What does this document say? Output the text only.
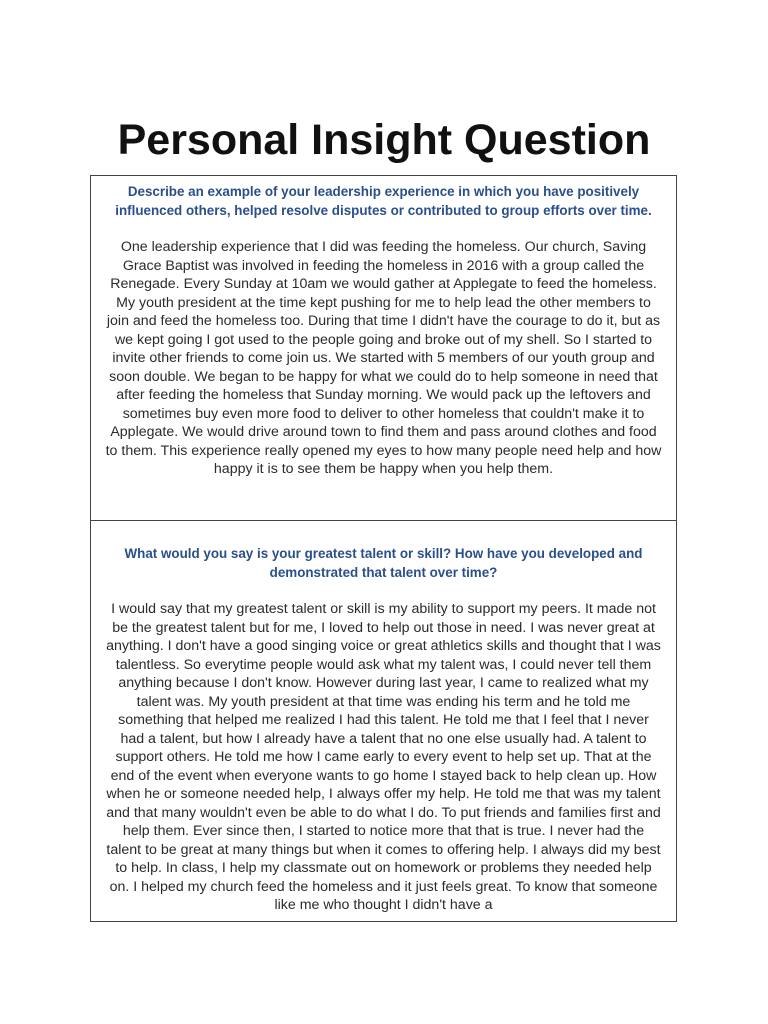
Personal Insight Question

Describe an example of your leadership experience in which you have positively influenced others, helped resolve disputes or contributed to group efforts over time.

One leadership experience that I did was feeding the homeless. Our church, Saving Grace Baptist was involved in feeding the homeless in 2016 with a group called the Renegade. Every Sunday at 10am we would gather at Applegate to feed the homeless. My youth president at the time kept pushing for me to help lead the other members to join and feed the homeless too. During that time I didn't have the courage to do it, but as we kept going I got used to the people going and broke out of my shell. So I started to invite other friends to come join us. We started with 5 members of our youth group and soon double. We began to be happy for what we could do to help someone in need that after feeding the homeless that Sunday morning. We would pack up the leftovers and sometimes buy even more food to deliver to other homeless that couldn't make it to Applegate. We would drive around town to find them and pass around clothes and food to them. This experience really opened my eyes to how many people need help and how happy it is to see them be happy when you help them.

What would you say is your greatest talent or skill? How have you developed and demonstrated that talent over time?

I would say that my greatest talent or skill is my ability to support my peers. It made not be the greatest talent but for me, I loved to help out those in need. I was never great at anything. I don't have a good singing voice or great athletics skills and thought that I was talentless. So everytime people would ask what my talent was, I could never tell them anything because I don't know. However during last year, I came to realized what my talent was. My youth president at that time was ending his term and he told me something that helped me realized I had this talent. He told me that I feel that I never had a talent, but how I already have a talent that no one else usually had. A talent to support others. He told me how I came early to every event to help set up. That at the end of the event when everyone wants to go home I stayed back to help clean up. How when he or someone needed help, I always offer my help. He told me that was my talent and that many wouldn't even be able to do what I do. To put friends and families first and help them. Ever since then, I started to notice more that that is true. I never had the talent to be great at many things but when it comes to offering help. I always did my best to help. In class, I help my classmate out on homework or problems they needed help on. I helped my church feed the homeless and it just feels great. To know that someone like me who thought I didn't have a
